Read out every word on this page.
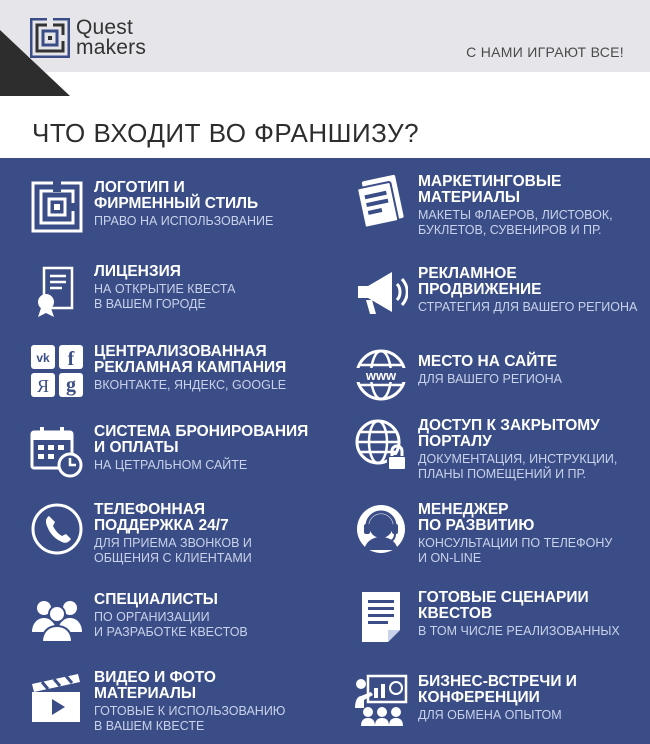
Quest
makers	С НАМИ ИГРАЮТ ВСЕ!
ЧТО ВХОДИТ ВО ФРАНШИЗУ?
ЛОГОТИП И
ФИРМЕННЫЙ СТИЛЬ
ПРАВО НА ИСПОЛЬЗОВАНИЕ
ЛИЦЕНЗИЯ
НА ОТКРЫТИЕ КВЕСТА
В ВАШЕМ ГОРОДЕ
vk f
Я g
ЦЕНТРАЛИЗОВАННАЯ
РЕКЛАМНАЯ КАМПАНИЯ
ВКОНТАКТЕ, ЯНДЕКС, GOOGLE
СИСТЕМА БРОНИРОВАНИЯ
И ОПЛАТЫ
НА ЦЕТРАЛЬНОМ САЙТЕ
ТЕЛЕФОННАЯ
ПОДДЕРЖКА 24/7
ДЛЯ ПРИЕМА ЗВОНКОВ И
ОБЩЕНИЯ С КЛИЕНТАМИ
СПЕЦИАЛИСТЫ
ПО ОРГАНИЗАЦИИ
И РАЗРАБОТКЕ КВЕСТОВ
ВИДЕО И ФОТО
МАТЕРИАЛЫ
ГОТОВЫЕ К ИСПОЛЬЗОВАНИЮ
В ВАШЕМ КВЕСТЕ
МАРКЕТИНГОВЫЕ
МАТЕРИАЛЫ
МАКЕТЫ ФЛАЕРОВ, ЛИСТОВОК,
БУКЛЕТОВ, СУВЕНИРОВ И ПР.
РЕКЛАМНОЕ
ПРОДВИЖЕНИЕ
СТРАТЕГИЯ ДЛЯ ВАШЕГО РЕГИОНА
www
МЕСТО НА САЙТЕ
ДЛЯ ВАШЕГО РЕГИОНА
ДОСТУП К ЗАКРЫТОМУ
ПОРТАЛУ
ДОКУМЕНТАЦИЯ, ИНСТРУКЦИИ,
ПЛАНЫ ПОМЕЩЕНИЙ И ПР.
МЕНЕДЖЕР
ПО РАЗВИТИЮ
КОНСУЛЬТАЦИИ ПО ТЕЛЕФОНУ
И ON-LINE
ГОТОВЫЕ СЦЕНАРИИ
КВЕСТОВ
В ТОМ ЧИСЛЕ РЕАЛИЗОВАННЫХ
БИЗНЕС-ВСТРЕЧИ И
КОНФЕРЕНЦИИ
ДЛЯ ОБМЕНА ОПЫТОМ
